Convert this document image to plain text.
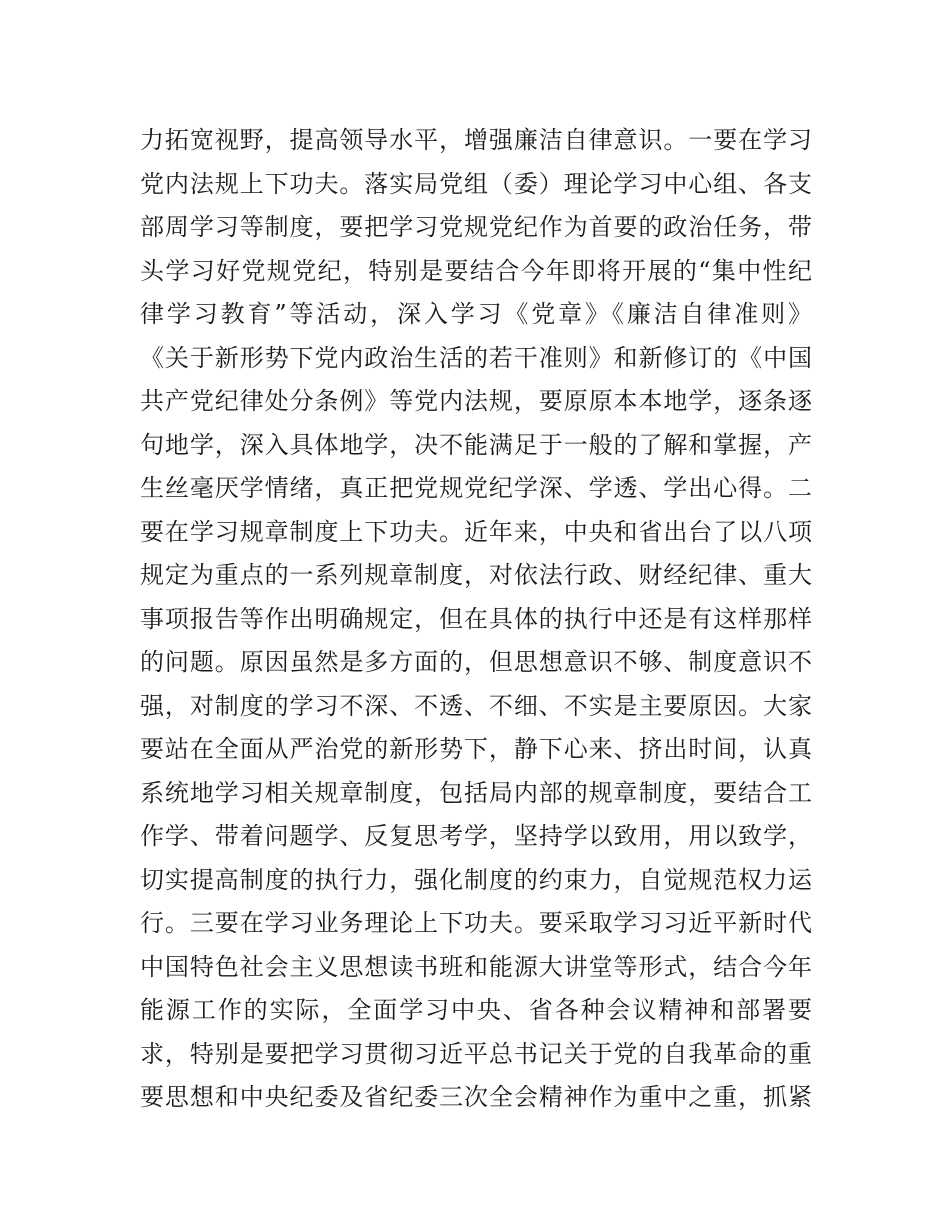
力拓宽视野，提高领导水平，增强廉洁自律意识。一要在学习
党内法规上下功夫。落实局党组（委）理论学习中心组、各支
部周学习等制度，要把学习党规党纪作为首要的政治任务，带
头学习好党规党纪，特别是要结合今年即将开展的“集中性纪
律学习教育”等活动，深入学习《党章》《廉洁自律准则》
《关于新形势下党内政治生活的若干准则》和新修订的《中国
共产党纪律处分条例》等党内法规，要原原本本地学，逐条逐
句地学，深入具体地学，决不能满足于一般的了解和掌握，产
生丝毫厌学情绪，真正把党规党纪学深、学透、学出心得。二
要在学习规章制度上下功夫。近年来，中央和省出台了以八项
规定为重点的一系列规章制度，对依法行政、财经纪律、重大
事项报告等作出明确规定，但在具体的执行中还是有这样那样
的问题。原因虽然是多方面的，但思想意识不够、制度意识不
强，对制度的学习不深、不透、不细、不实是主要原因。大家
要站在全面从严治党的新形势下，静下心来、挤出时间，认真
系统地学习相关规章制度，包括局内部的规章制度，要结合工
作学、带着问题学、反复思考学，坚持学以致用，用以致学，
切实提高制度的执行力，强化制度的约束力，自觉规范权力运
行。三要在学习业务理论上下功夫。要采取学习习近平新时代
中国特色社会主义思想读书班和能源大讲堂等形式，结合今年
能源工作的实际，全面学习中央、省各种会议精神和部署要
求，特别是要把学习贯彻习近平总书记关于党的自我革命的重
要思想和中央纪委及省纪委三次全会精神作为重中之重，抓紧
